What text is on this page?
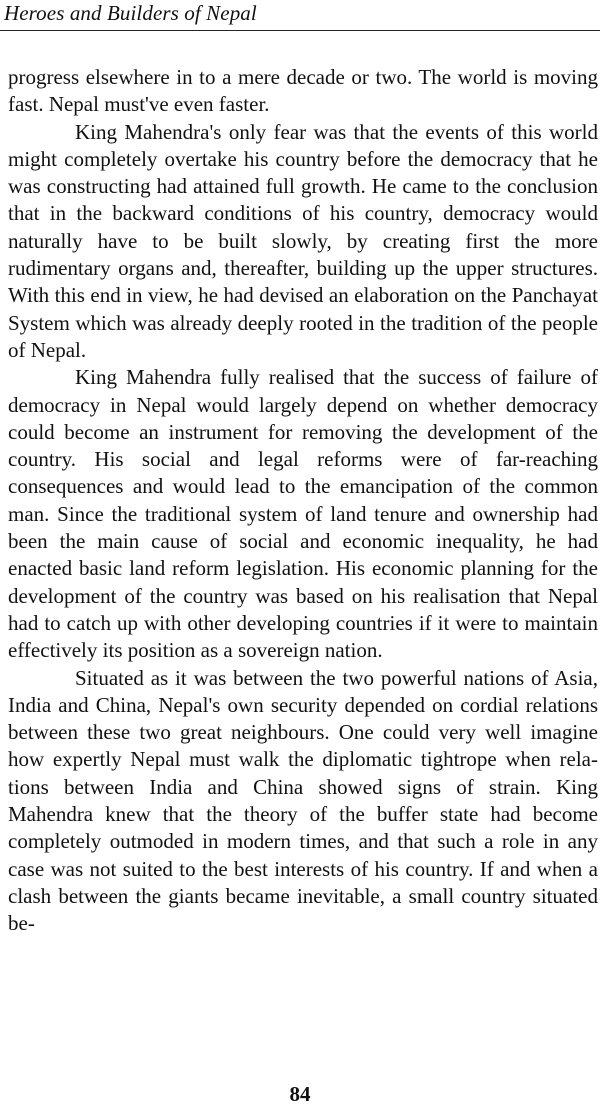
Heroes and Builders of Nepal

progress elsewhere in to a mere decade or two. The world is moving fast. Nepal must've even faster.

King Mahendra's only fear was that the events of this world might completely overtake his country before the democracy that he was constructing had attained full growth. He came to the conclusion that in the backward conditions of his country, democracy would naturally have to be built slowly, by creating first the more rudimentary organs and, thereafter, building up the upper structures. With this end in view, he had devised an elaboration on the Panchayat System which was already deeply rooted in the tradition of the people of Nepal.

King Mahendra fully realised that the success of failure of democracy in Nepal would largely depend on whether democracy could become an instrument for removing the development of the country. His social and legal reforms were of far-reaching consequences and would lead to the emancipation of the common man. Since the traditional system of land tenure and ownership had been the main cause of social and economic inequality, he had enacted basic land reform legislation. His economic planning for the development of the country was based on his realisation that Nepal had to catch up with other developing countries if it were to maintain effectively its position as a sovereign nation.

Situated as it was between the two powerful nations of Asia, India and China, Nepal's own security depended on cordial relations between these two great neighbours. One could very well imagine how expertly Nepal must walk the diplomatic tightrope when relations between India and China showed signs of strain. King Mahendra knew that the theory of the buffer state had become completely outmoded in modern times, and that such a role in any case was not suited to the best interests of his country. If and when a clash between the giants became inevitable, a small country situated be-

84
